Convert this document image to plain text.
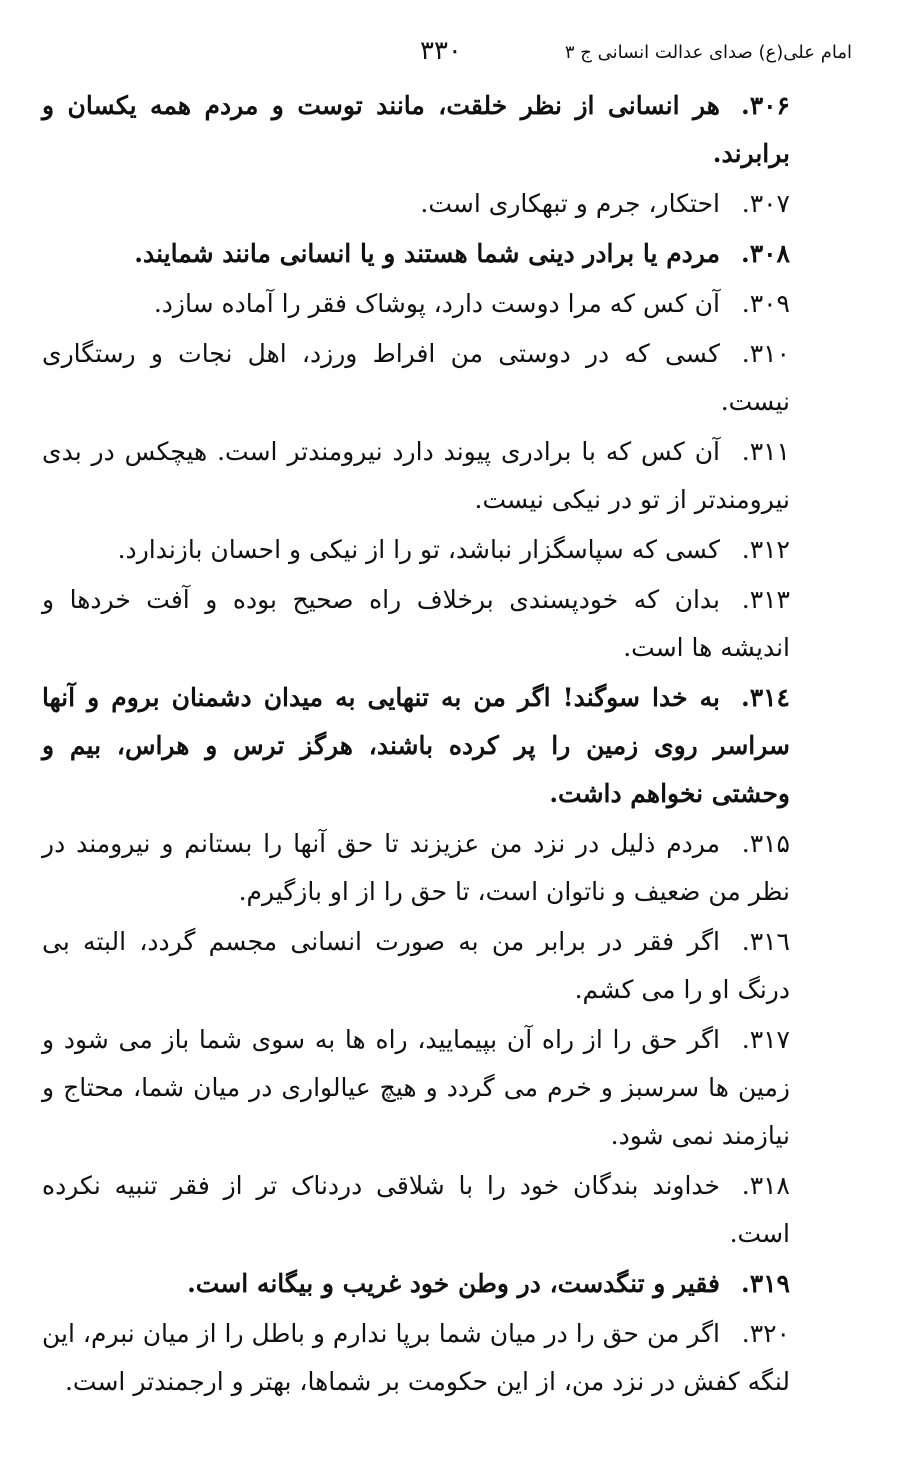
امام علی(ع) صدای عدالت انسانی ج ۳
۳۳۰

۳۰۶.هر انسانی از نظر خلقت، مانند توست و مردم همه یکسان و برابرند.

۳۰۷.احتکار، جرم و تبهکاری است.

۳۰۸.مردم یا برادر دینی شما هستند و یا انسانی مانند شمایند.

۳۰۹.آن کس که مرا دوست دارد، پوشاک فقر را آماده سازد.

۳۱۰.کسی که در دوستی من افراط ورزد، اهل نجات و رستگاری نیست.

۳۱۱.آن کس که با برادری پیوند دارد نیرومندتر است. هیچکس در بدی نیرومندتر از تو در نیکی نیست.

۳۱۲.کسی که سپاسگزار نباشد، تو را از نیکی و احسان بازندارد.

۳۱۳.بدان که خودپسندی برخلاف راه صحیح بوده و آفت خردها و اندیشه ها است.

۳۱٤.به خدا سوگند! اگر من به تنهایی به میدان دشمنان بروم و آنها سراسر روی زمین را پر کرده باشند، هرگز ترس و هراس، بیم و وحشتی نخواهم داشت.

۳۱۵.مردم ذلیل در نزد من عزیزند تا حق آنها را بستانم و نیرومند در نظر من ضعیف و ناتوان است، تا حق را از او بازگیرم.

۳۱٦.اگر فقر در برابر من به صورت انسانی مجسم گردد، البته بی درنگ او را می کشم.

۳۱۷.اگر حق را از راه آن بپیمایید، راه ها به سوی شما باز می شود و زمین ها سرسبز و خرم می گردد و هیچ عیالواری در میان شما، محتاج و نیازمند نمی شود.

۳۱۸.خداوند بندگان خود را با شلاقی دردناک تر از فقر تنبیه نکرده است.

۳۱۹.فقیر و تنگدست، در وطن خود غریب و بیگانه است.

۳۲۰.اگر من حق را در میان شما برپا ندارم و باطل را از میان نبرم، این لنگه کفش در نزد من، از این حکومت بر شماها، بهتر و ارجمندتر است.
